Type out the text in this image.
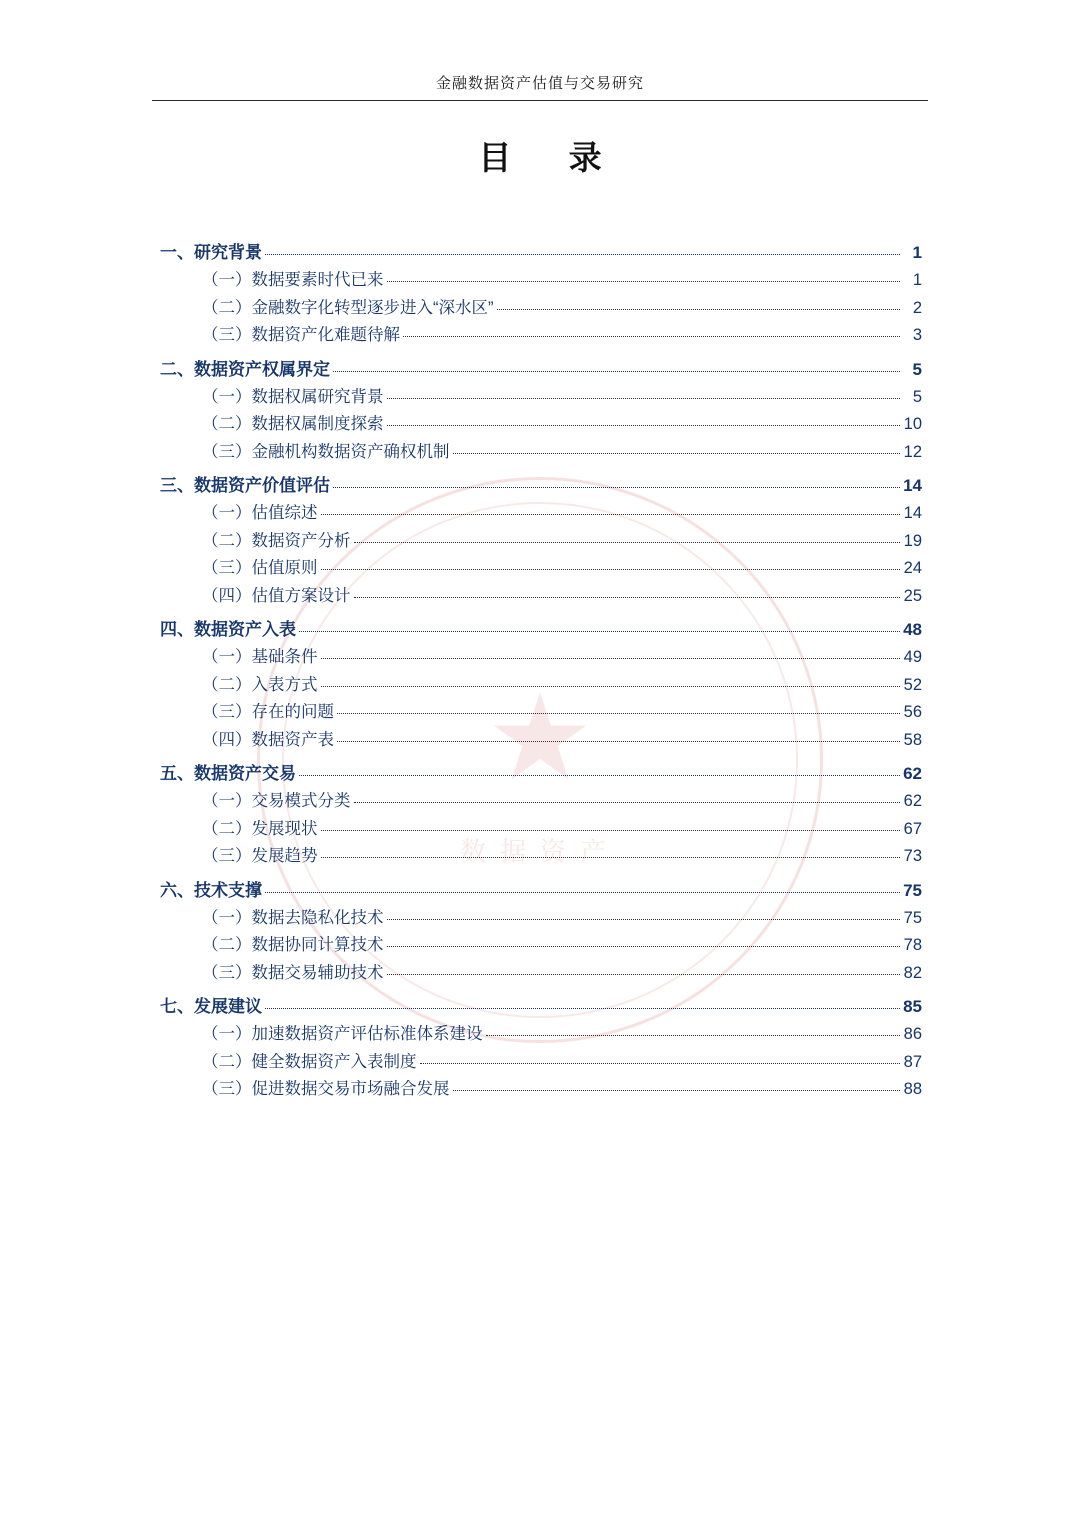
★
数据资产
金融数据资产估值与交易研究
目 录
一、研究背景	1
（一）数据要素时代已来	1
（二）金融数字化转型逐步进入“深水区”	2
（三）数据资产化难题待解	3
二、数据资产权属界定	5
（一）数据权属研究背景	5
（二）数据权属制度探索	10
（三）金融机构数据资产确权机制	12
三、数据资产价值评估	14
（一）估值综述	14
（二）数据资产分析	19
（三）估值原则	24
（四）估值方案设计	25
四、数据资产入表	48
（一）基础条件	49
（二）入表方式	52
（三）存在的问题	56
（四）数据资产表	58
五、数据资产交易	62
（一）交易模式分类	62
（二）发展现状	67
（三）发展趋势	73
六、技术支撑	75
（一）数据去隐私化技术	75
（二）数据协同计算技术	78
（三）数据交易辅助技术	82
七、发展建议	85
（一）加速数据资产评估标准体系建设	86
（二）健全数据资产入表制度	87
（三）促进数据交易市场融合发展	88
